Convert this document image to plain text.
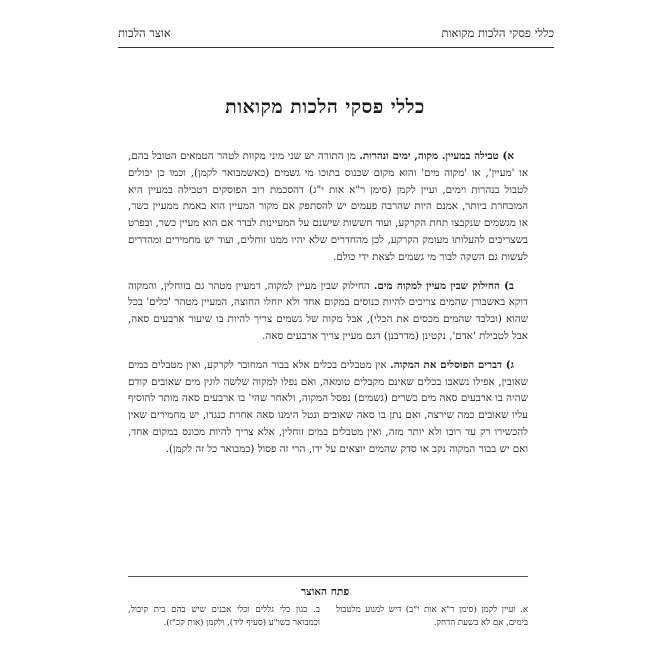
כללי פסקי הלכות מקואות
אוצר הלכות
כללי פסקי הלכות מקואות

א) טבילה במעיין. מקוה, ימים ונהרות. מן התורה יש שני מיני מקוות לטהר הטמאים הטובל בהם, או 'מעיין', או 'מקוה מים' והוא מקום שכנוס בתוכו מי גשמים (כאשמבואר לקמן), וכמו כן יכולים לטבול בנהרות וימים, ועיין לקמן (סימן ר"א אות י"ג) דהסכמת רוב הפוסקים דטבילה במעיין היא המובחרת ביותר, אמנם היות שהרבה פעמים יש להסתפק אם מקור המעיין הוא באמת ממעיין כשר, או מגשמים שנקבצו תחת הקרקע, ועוד חששות שישנם על המעיינות לבדר אם הוא מעיין כשר, ובפרט בשצריכים להעלותו מעומק הקרקע, לכן מהחדרים שלא יהיו ממנו זוחלים, ועוד יש מחמירים ומהדרים לעשות גם השקה לבור מי גשמים לצאת ידי כולם.

ב) החילוק שבין מעיין למקוה מים. החילוק שבין מעיין למקוה, דמעיין מטהר גם בזוחלין, והמקוה דוקא באשבורן שהמים צריכים להיות כנוסים במקום אחד ולא יזחלו החוצה, המעיין מטהר 'כלים' בכל שהוא (ובלבד שהמים מכסים את הכלי), אבל מקוה של גשמים צריך להיות בו שיעור ארבעים סאה, אבל לטבילת 'אדם', נקטינן (מדרבנן) דגם מעיין צריך ארבעים סאה.

ג) דברים הפוסלים את המקוה. אין מטבלים בכלים אלא בבור המחובר לקרקע, ואין מטבלים במים שאובין, אפילו נשאבו בכלים שאינם מקבלים טומאה, ואם נפלו למקוה שלשה לוגין מים שאובים קודם שהיה בו ארבעים סאה מים כשרים (גשמים) נפסל המקוה, ולאחר שהי' בו ארבעים סאה מותר להוסיף עליו שאובים כמה שירצה, ואם נתן בו סאה שאובים ונטל הימנו סאה אחרת כנגדו, יש מחמירים שאין להכשירו רק עד רובו ולא יותר מזה, ואין מטבלים במים זוחלין, אלא צריך להיות מכונס במקום אחד, ואם יש בבור המקוה נקב או סדק שהמים יוצאים על ידו, הרי זה פסול (כמבואר כל זה לקמן).

פתח האוצר
א. ועיין לקמן (סימן ר"א אות י"ב) דיש למנוע מלטבול בימים, אם לא בשעת הדחק.
ב. כגון כלי גללים וכלי אבנים שיש בהם בית קיבול, וכמבואר בשו"ע (סעיף ליד), ולקמן (אות קכ"ז).
